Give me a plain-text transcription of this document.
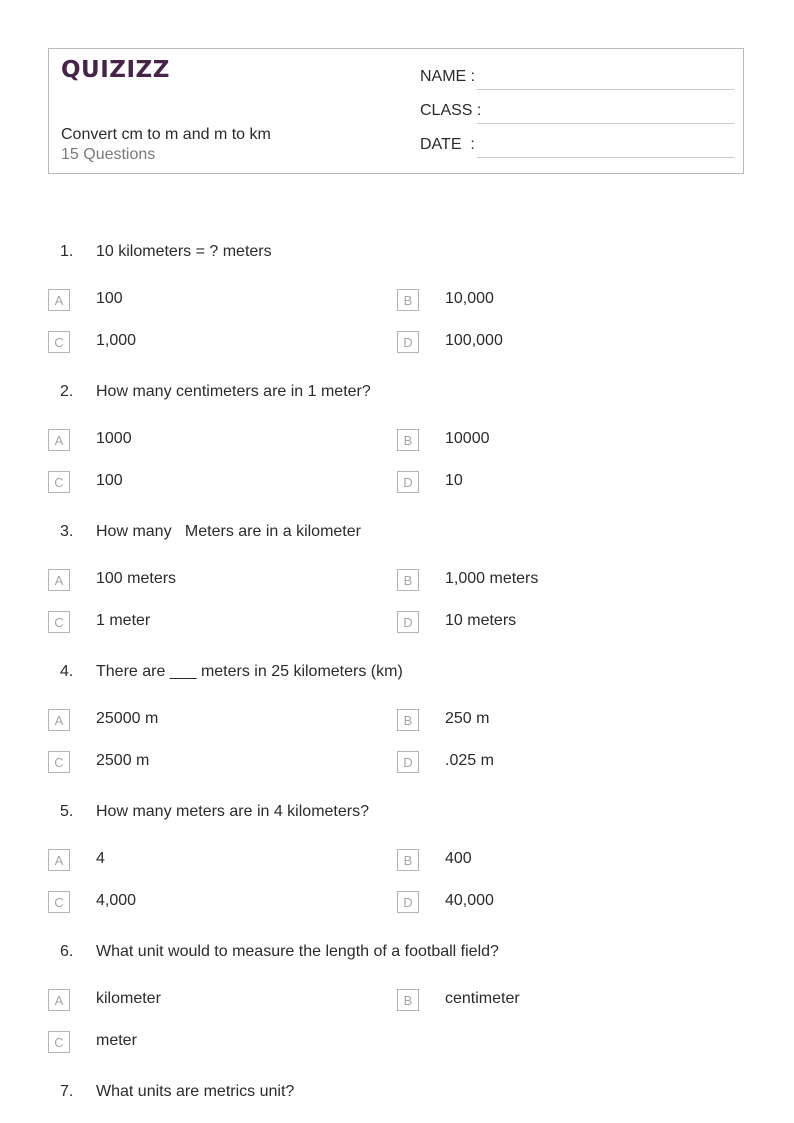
QUIZIZZ
Convert cm to m and m to km
15 Questions
NAME :
CLASS :
DATE  :
1. 10 kilometers = ? meters
A	100	B	10,000
C	1,000	D	100,000
2. How many centimeters are in 1 meter?
A	1000	B	10000
C	100	D	10
3. How many   Meters are in a kilometer
A	100 meters	B	1,000 meters
C	1 meter	D	10 meters
4. There are ___ meters in 25 kilometers (km)
A	25000 m	B	250 m
C	2500 m	D	.025 m
5. How many meters are in 4 kilometers?
A	4	B	400
C	4,000	D	40,000
6. What unit would to measure the length of a football field?
A	kilometer	B	centimeter
C	meter
7. What units are metrics unit?
